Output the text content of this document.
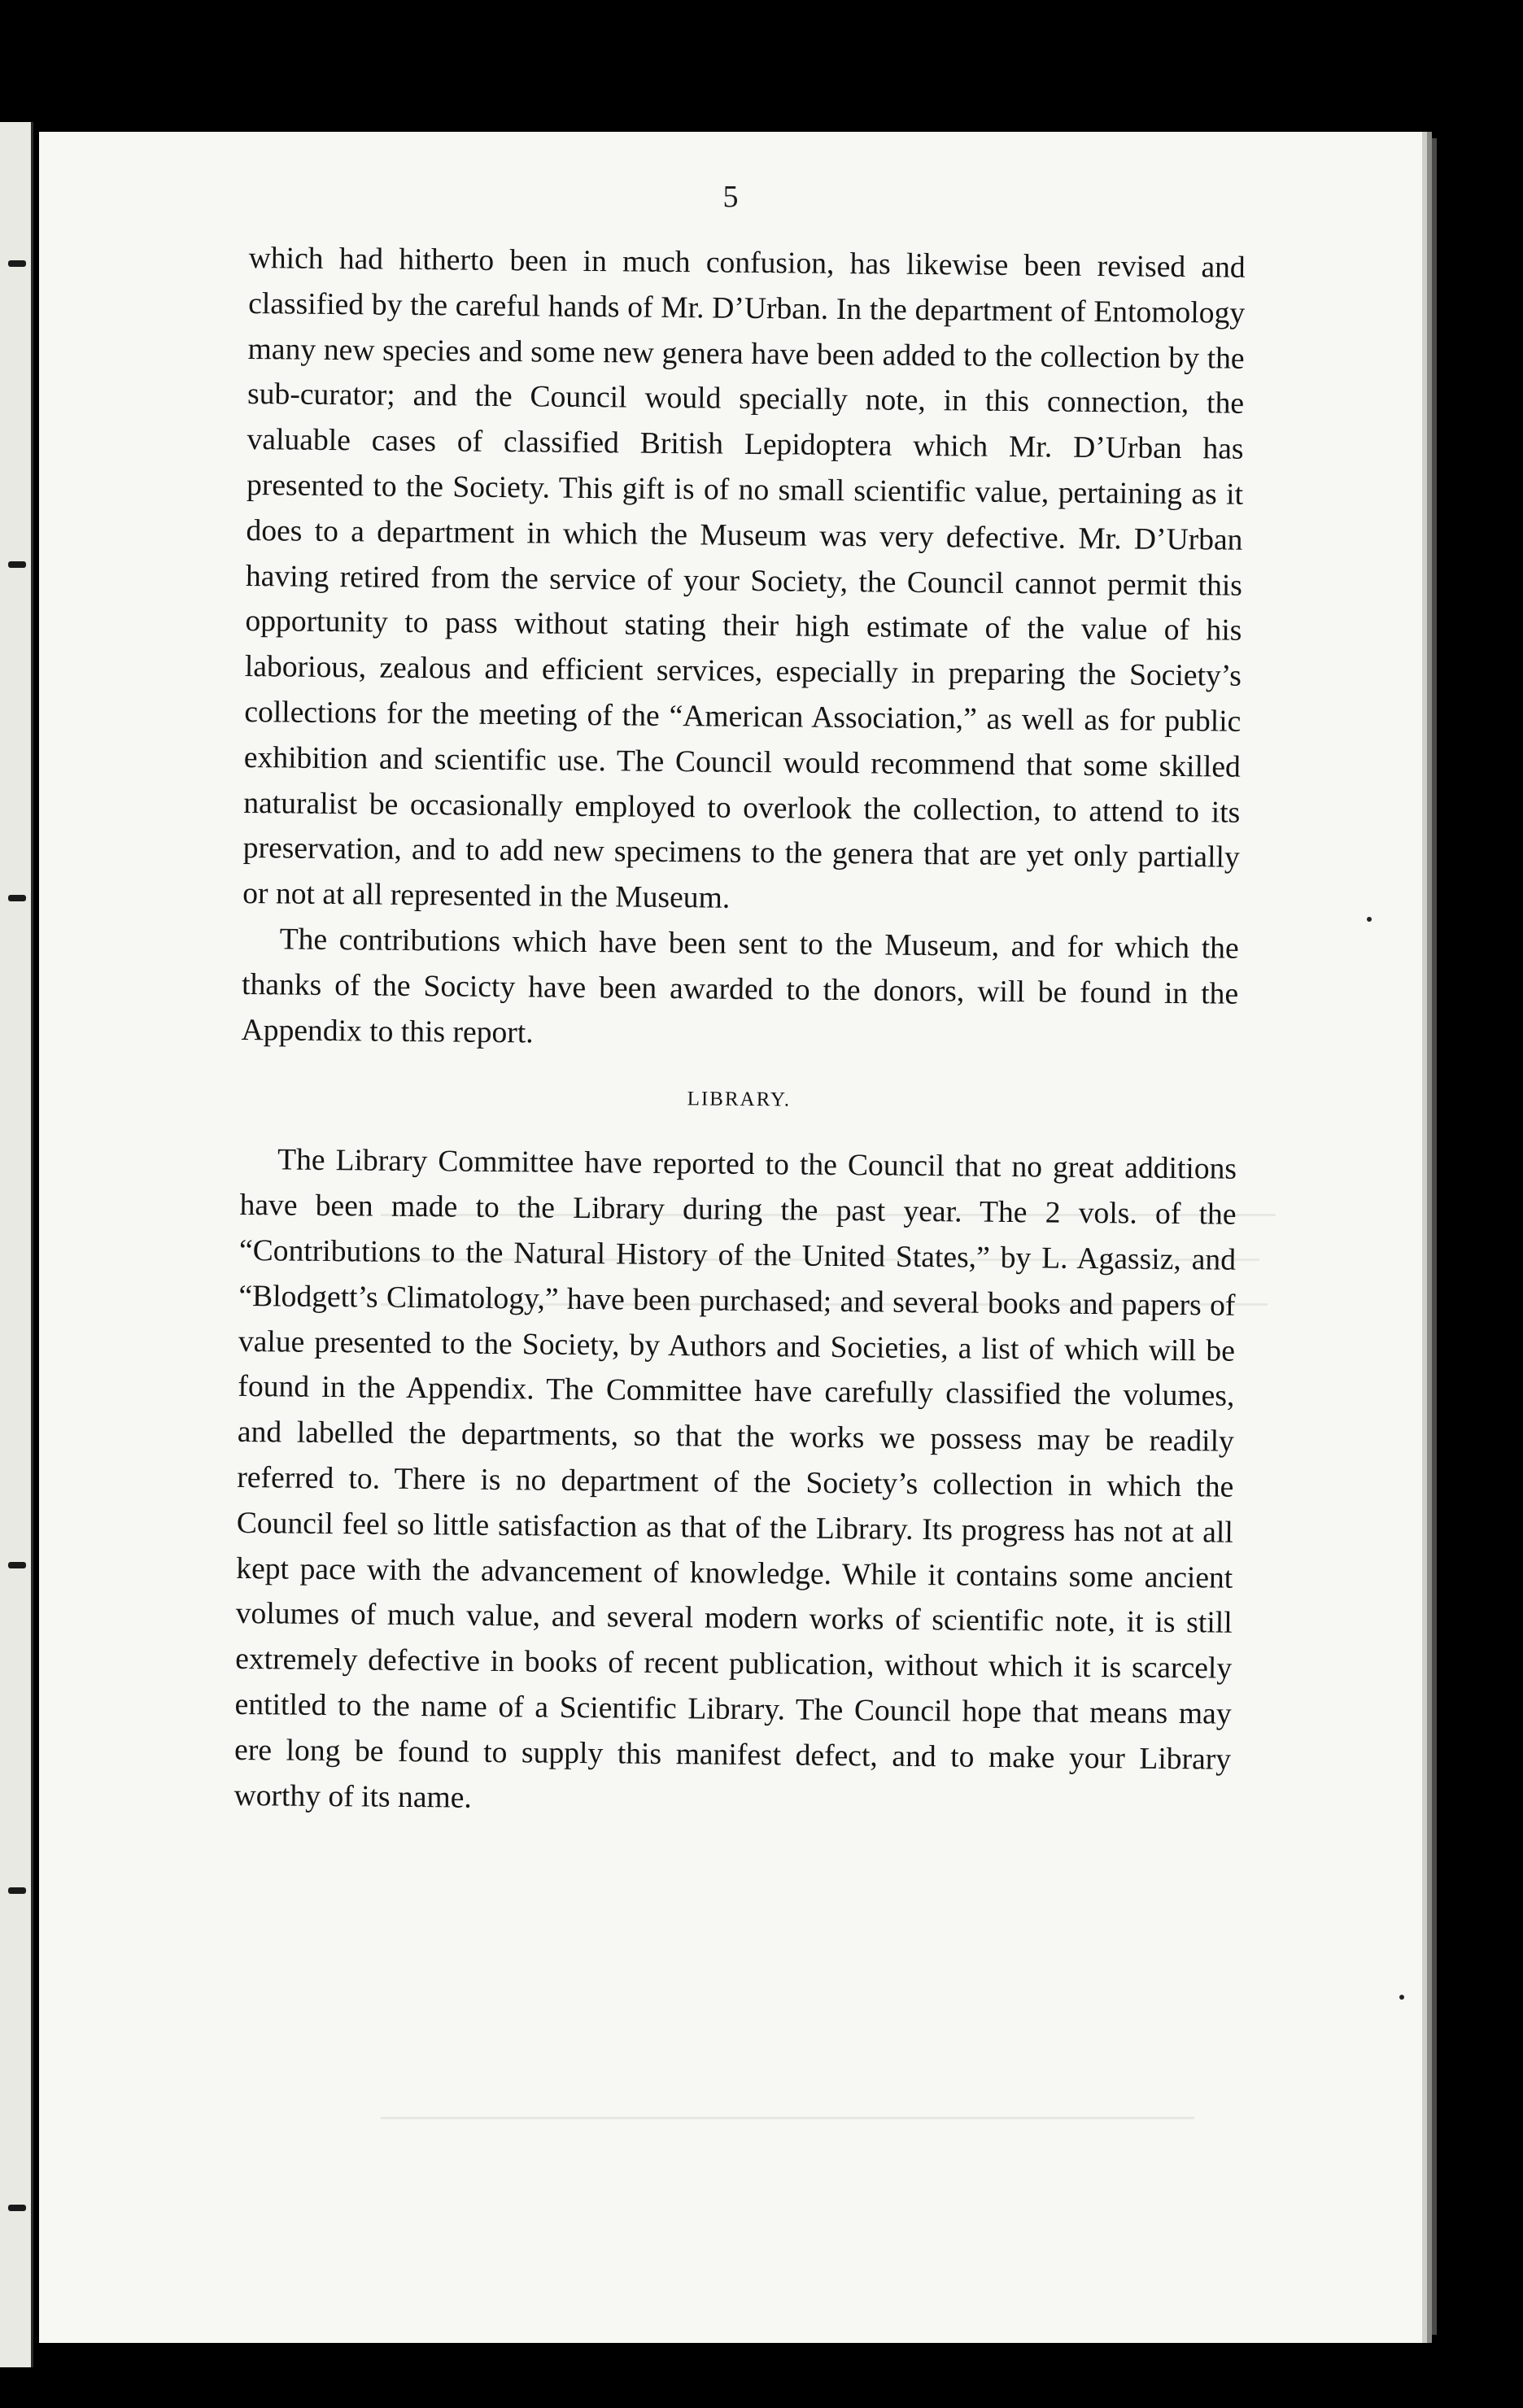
5

which had hitherto been in much confusion, has likewise been revised and classified by the careful hands of Mr. D’Urban. In the department of Entomology many new species and some new genera have been added to the collection by the sub-curator; and the Council would specially note, in this connection, the valuable cases of classified British Lepidoptera which Mr. D’Urban has presented to the Society. This gift is of no small scientific value, pertaining as it does to a department in which the Museum was very defective. Mr. D’Urban having retired from the service of your Society, the Council cannot permit this opportunity to pass without stating their high estimate of the value of his laborious, zealous and efficient services, especially in preparing the Society’s collections for the meeting of the “American Association,” as well as for public exhibition and scientific use. The Council would recommend that some skilled naturalist be occasionally employed to overlook the collection, to attend to its preservation, and to add new specimens to the genera that are yet only partially or not at all represented in the Museum.

The contributions which have been sent to the Museum, and for which the thanks of the Socicty have been awarded to the donors, will be found in the Appendix to this report.

LIBRARY.

The Library Committee have reported to the Council that no great additions have been made to the Library during the past year. The 2 vols. of the “Contributions to the Natural History of the United States,” by L. Agassiz, and “Blodgett’s Climatology,” have been purchased; and several books and papers of value presented to the Society, by Authors and Societies, a list of which will be found in the Appendix. The Committee have carefully classified the volumes, and labelled the departments, so that the works we possess may be readily referred to. There is no department of the Society’s collection in which the Council feel so little satisfaction as that of the Library. Its progress has not at all kept pace with the advancement of knowledge. While it contains some ancient volumes of much value, and several modern works of scientific note, it is still extremely defective in books of recent publication, without which it is scarcely entitled to the name of a Scientific Library. The Council hope that means may ere long be found to supply this manifest defect, and to make your Library worthy of its name.
